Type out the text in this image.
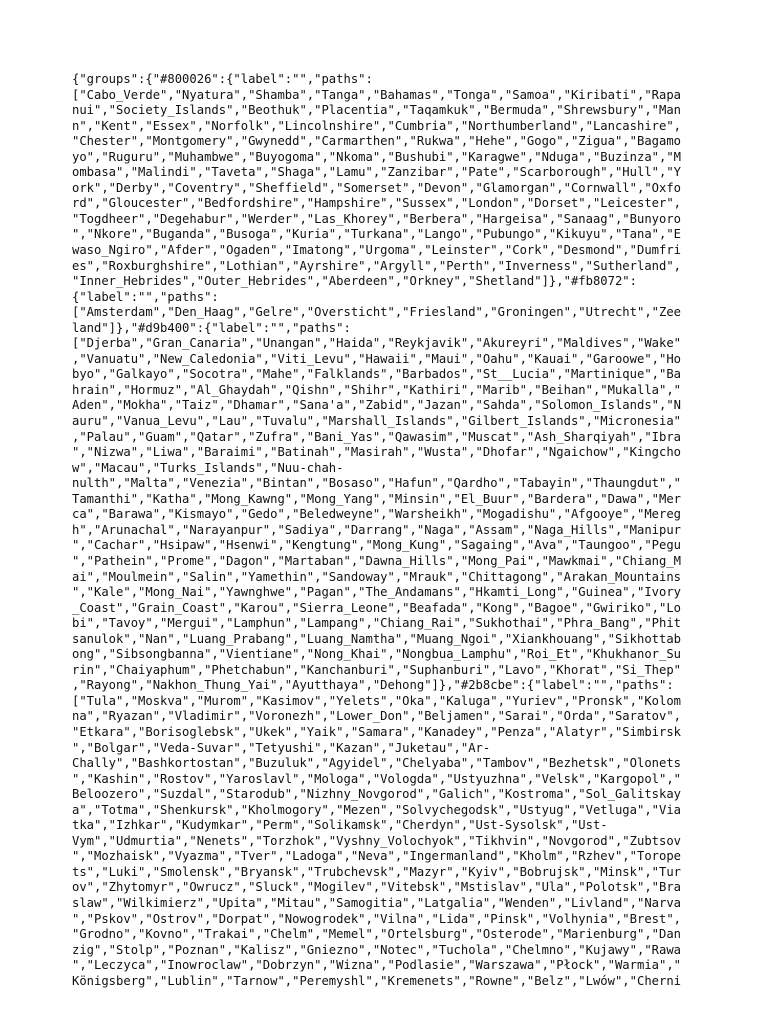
{"groups":{"#800026":{"label":"","paths":
["Cabo_Verde","Nyatura","Shamba","Tanga","Bahamas","Tonga","Samoa","Kiribati","Rapa
nui","Society_Islands","Beothuk","Placentia","Taqamkuk","Bermuda","Shrewsbury","Man
n","Kent","Essex","Norfolk","Lincolnshire","Cumbria","Northumberland","Lancashire",
"Chester","Montgomery","Gwynedd","Carmarthen","Rukwa","Hehe","Gogo","Zigua","Bagamo
yo","Ruguru","Muhambwe","Buyogoma","Nkoma","Bushubi","Karagwe","Nduga","Buzinza","M
ombasa","Malindi","Taveta","Shaga","Lamu","Zanzibar","Pate","Scarborough","Hull","Y
ork","Derby","Coventry","Sheffield","Somerset","Devon","Glamorgan","Cornwall","Oxfo
rd","Gloucester","Bedfordshire","Hampshire","Sussex","London","Dorset","Leicester",
"Togdheer","Degehabur","Werder","Las_Khorey","Berbera","Hargeisa","Sanaag","Bunyoro
","Nkore","Buganda","Busoga","Kuria","Turkana","Lango","Pubungo","Kikuyu","Tana","E
waso_Ngiro","Afder","Ogaden","Imatong","Urgoma","Leinster","Cork","Desmond","Dumfri
es","Roxburghshire","Lothian","Ayrshire","Argyll","Perth","Inverness","Sutherland",
"Inner_Hebrides","Outer_Hebrides","Aberdeen","Orkney","Shetland"]},"#fb8072":
{"label":"","paths":
["Amsterdam","Den_Haag","Gelre","Oversticht","Friesland","Groningen","Utrecht","Zee
land"]},"#d9b400":{"label":"","paths":
["Djerba","Gran_Canaria","Unangan","Haida","Reykjavik","Akureyri","Maldives","Wake"
,"Vanuatu","New_Caledonia","Viti_Levu","Hawaii","Maui","Oahu","Kauai","Garoowe","Ho
byo","Galkayo","Socotra","Mahe","Falklands","Barbados","St__Lucia","Martinique","Ba
hrain","Hormuz","Al_Ghaydah","Qishn","Shihr","Kathiri","Marib","Beihan","Mukalla","
Aden","Mokha","Taiz","Dhamar","Sana'a","Zabid","Jazan","Sahda","Solomon_Islands","N
auru","Vanua_Levu","Lau","Tuvalu","Marshall_Islands","Gilbert_Islands","Micronesia"
,"Palau","Guam","Qatar","Zufra","Bani_Yas","Qawasim","Muscat","Ash_Sharqiyah","Ibra
","Nizwa","Liwa","Baraimi","Batinah","Masirah","Wusta","Dhofar","Ngaichow","Kingcho
w","Macau","Turks_Islands","Nuu-chah-
nulth","Malta","Venezia","Bintan","Bosaso","Hafun","Qardho","Tabayin","Thaungdut","
Tamanthi","Katha","Mong_Kawng","Mong_Yang","Minsin","El_Buur","Bardera","Dawa","Mer
ca","Barawa","Kismayo","Gedo","Beledweyne","Warsheikh","Mogadishu","Afgooye","Mereg
h","Arunachal","Narayanpur","Sadiya","Darrang","Naga","Assam","Naga_Hills","Manipur
","Cachar","Hsipaw","Hsenwi","Kengtung","Mong_Kung","Sagaing","Ava","Taungoo","Pegu
","Pathein","Prome","Dagon","Martaban","Dawna_Hills","Mong_Pai","Mawkmai","Chiang_M
ai","Moulmein","Salin","Yamethin","Sandoway","Mrauk","Chittagong","Arakan_Mountains
","Kale","Mong_Nai","Yawnghwe","Pagan","The_Andamans","Hkamti_Long","Guinea","Ivory
_Coast","Grain_Coast","Karou","Sierra_Leone","Beafada","Kong","Bagoe","Gwiriko","Lo
bi","Tavoy","Mergui","Lamphun","Lampang","Chiang_Rai","Sukhothai","Phra_Bang","Phit
sanulok","Nan","Luang_Prabang","Luang_Namtha","Muang_Ngoi","Xiankhouang","Sikhottab
ong","Sibsongbanna","Vientiane","Nong_Khai","Nongbua_Lamphu","Roi_Et","Khukhanor_Su
rin","Chaiyaphum","Phetchabun","Kanchanburi","Suphanburi","Lavo","Khorat","Si_Thep"
,"Rayong","Nakhon_Thung_Yai","Ayutthaya","Dehong"]},"#2b8cbe":{"label":"","paths":
["Tula","Moskva","Murom","Kasimov","Yelets","Oka","Kaluga","Yuriev","Pronsk","Kolom
na","Ryazan","Vladimir","Voronezh","Lower_Don","Beljamen","Sarai","Orda","Saratov",
"Etkara","Borisoglebsk","Ukek","Yaik","Samara","Kanadey","Penza","Alatyr","Simbirsk
","Bolgar","Veda-Suvar","Tetyushi","Kazan","Juketau","Ar-
Chally","Bashkortostan","Buzuluk","Agyidel","Chelyaba","Tambov","Bezhetsk","Olonets
","Kashin","Rostov","Yaroslavl","Mologa","Vologda","Ustyuzhna","Velsk","Kargopol","
Beloozero","Suzdal","Starodub","Nizhny_Novgorod","Galich","Kostroma","Sol_Galitskay
a","Totma","Shenkursk","Kholmogory","Mezen","Solvychegodsk","Ustyug","Vetluga","Via
tka","Izhkar","Kudymkar","Perm","Solikamsk","Cherdyn","Ust-Sysolsk","Ust-
Vym","Udmurtia","Nenets","Torzhok","Vyshny_Volochyok","Tikhvin","Novgorod","Zubtsov
","Mozhaisk","Vyazma","Tver","Ladoga","Neva","Ingermanland","Kholm","Rzhev","Torope
ts","Luki","Smolensk","Bryansk","Trubchevsk","Mazyr","Kyiv","Bobrujsk","Minsk","Tur
ov","Zhytomyr","Owrucz","Sluck","Mogilev","Vitebsk","Mstislav","Ula","Polotsk","Bra
slaw","Wilkimierz","Upita","Mitau","Samogitia","Latgalia","Wenden","Livland","Narva
","Pskov","Ostrov","Dorpat","Nowogrodek","Vilna","Lida","Pinsk","Volhynia","Brest",
"Grodno","Kovno","Trakai","Chelm","Memel","Ortelsburg","Osterode","Marienburg","Dan
zig","Stolp","Poznan","Kalisz","Gniezno","Notec","Tuchola","Chelmno","Kujawy","Rawa
","Leczyca","Inowroclaw","Dobrzyn","Wizna","Podlasie","Warszawa","Płock","Warmia","
Königsberg","Lublin","Tarnow","Peremyshl","Kremenets","Rowne","Belz","Lwów","Cherni
